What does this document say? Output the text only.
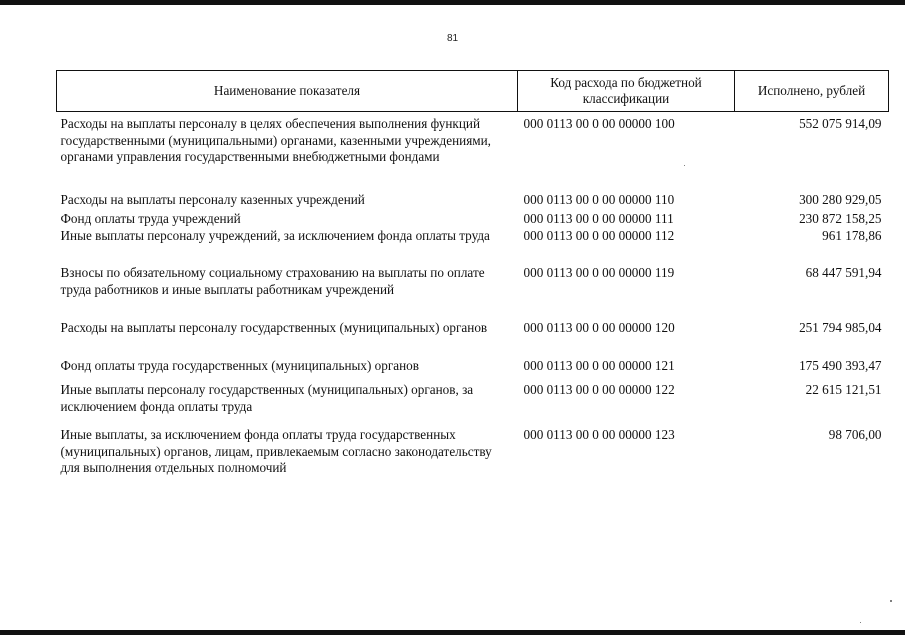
81
Наименование показателя	Код расхода по бюджетной классификации	Исполнено, рублей
Расходы на выплаты персоналу в целях обеспечения выполнения функций государственными (муниципальными) органами, казенными учреждениями, органами управления государственными внебюджетными фондами	000 0113 00 0 00 00000 100	552 075 914,09
Расходы на выплаты персоналу казенных учреждений	000 0113 00 0 00 00000 110	300 280 929,05
Фонд оплаты труда учреждений	000 0113 00 0 00 00000 111	230 872 158,25
Иные выплаты персоналу учреждений, за исключением фонда оплаты труда	000 0113 00 0 00 00000 112	961 178,86
Взносы по обязательному социальному страхованию на выплаты по оплате труда работников и иные выплаты работникам учреждений	000 0113 00 0 00 00000 119	68 447 591,94
Расходы на выплаты персоналу государственных (муниципальных) органов	000 0113 00 0 00 00000 120	251 794 985,04
Фонд оплаты труда государственных (муниципальных) органов	000 0113 00 0 00 00000 121	175 490 393,47
Иные выплаты персоналу государственных (муниципальных) органов, за исключением фонда оплаты труда	000 0113 00 0 00 00000 122	22 615 121,51
Иные выплаты, за исключением фонда оплаты труда государственных (муниципальных) органов, лицам, привлекаемым согласно законодательству для выполнения отдельных полномочий	000 0113 00 0 00 00000 123	98 706,00
